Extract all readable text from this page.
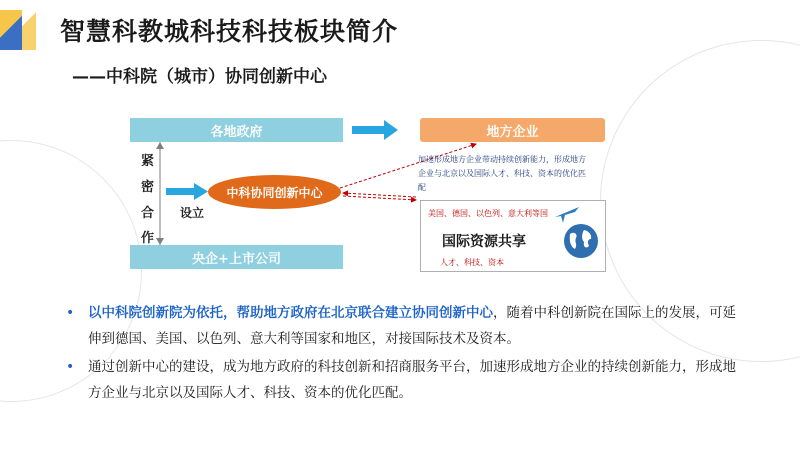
智慧科教城科技科技板块简介
——中科院（城市）协同创新中心
各地政府	地方企业
央企+上市公司
中科协同创新中心
紧
密
合
作
设立
加速形成地方企业带动持续创新能力，形成地方企业与北京以及国际人才、科技、资本的优化匹配
美国、德国、以色列、意大利等国
国际资源共享
人才、科技、资本
• 以中科院创新院为依托，帮助地方政府在北京联合建立协同创新中心，随着中科创新院在国际上的发展，可延伸到德国、美国、以色列、意大利等国家和地区，对接国际技术及资本。
• 通过创新中心的建设，成为地方政府的科技创新和招商服务平台，加速形成地方企业的持续创新能力，形成地方企业与北京以及国际人才、科技、资本的优化匹配。
